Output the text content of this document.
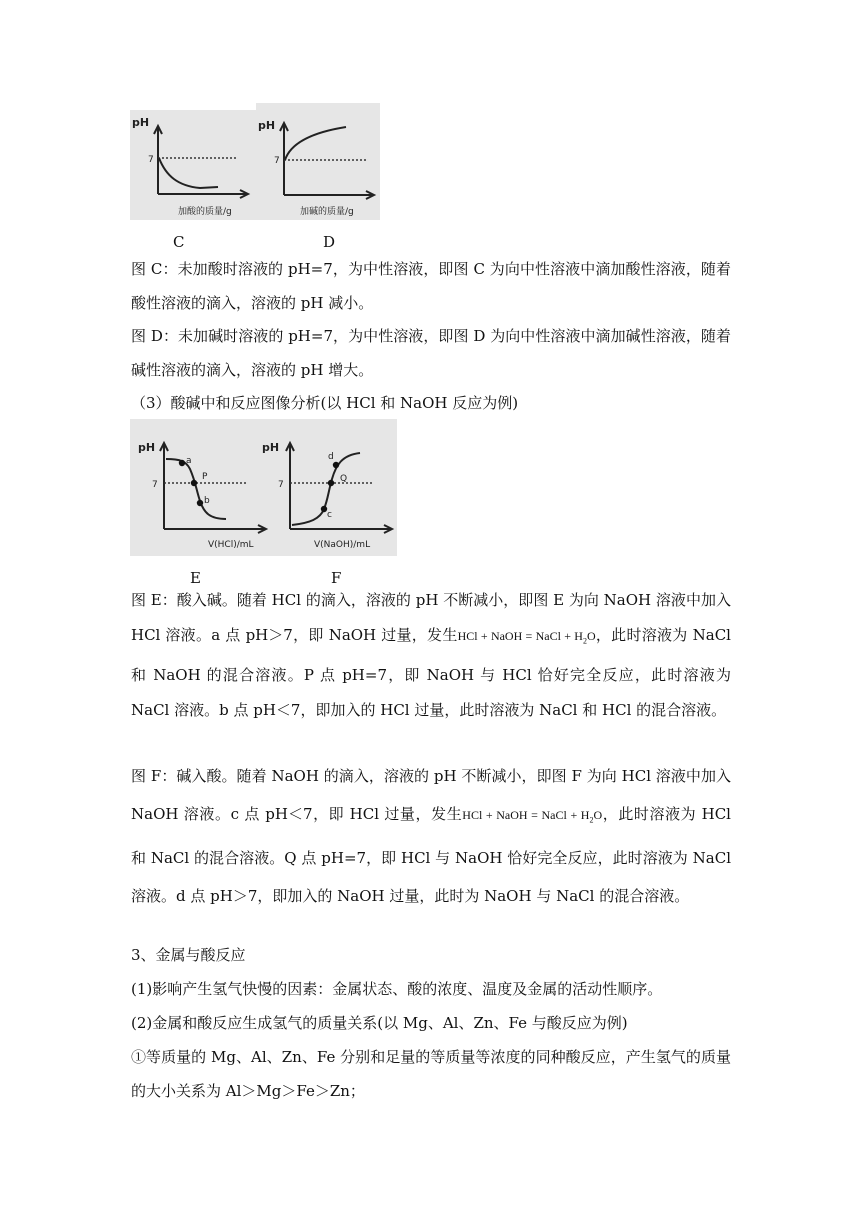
pH
7
加酸的质量/g
pH
7
加碱的质量/g
C	D

图 C：未加酸时溶液的 pH=7，为中性溶液，即图 C 为向中性溶液中滴加酸性溶液，随着酸性溶液的滴入，溶液的 pH 减小。

图 D：未加碱时溶液的 pH=7，为中性溶液，即图 D 为向中性溶液中滴加碱性溶液，随着碱性溶液的滴入，溶液的 pH 增大。

（3）酸碱中和反应图像分析(以 HCl 和 NaOH 反应为例)

pH
7
a
P
b
V(HCl)/mL
pH
7
c
Q
d
V(NaOH)/mL
E	F

图 E：酸入碱。随着 HCl 的滴入，溶液的 pH 不断减小，即图 E 为向 NaOH 溶液中加入 HCl 溶液。a 点 pH＞7，即 NaOH 过量，发生HCl + NaOH = NaCl + $H_2O$，此时溶液为 NaCl 和 NaOH 的混合溶液。P 点 pH=7，即 NaOH 与 HCl 恰好完全反应，此时溶液为 NaCl 溶液。b 点 pH＜7，即加入的 HCl 过量，此时溶液为 NaCl 和 HCl 的混合溶液。

图 F：碱入酸。随着 NaOH 的滴入，溶液的 pH 不断减小，即图 F 为向 HCl 溶液中加入 NaOH 溶液。c 点 pH＜7，即 HCl 过量，发生HCl + NaOH = NaCl + $H_2O$，此时溶液为 HCl 和 NaCl 的混合溶液。Q 点 pH=7，即 HCl 与 NaOH 恰好完全反应，此时溶液为 NaCl 溶液。d 点 pH＞7，即加入的 NaOH 过量，此时为 NaOH 与 NaCl 的混合溶液。

3、金属与酸反应

(1)影响产生氢气快慢的因素：金属状态、酸的浓度、温度及金属的活动性顺序。

(2)金属和酸反应生成氢气的质量关系(以 Mg、Al、Zn、Fe 与酸反应为例)

①等质量的 Mg、Al、Zn、Fe 分别和足量的等质量等浓度的同种酸反应，产生氢气的质量的大小关系为 Al＞Mg＞Fe＞Zn；
